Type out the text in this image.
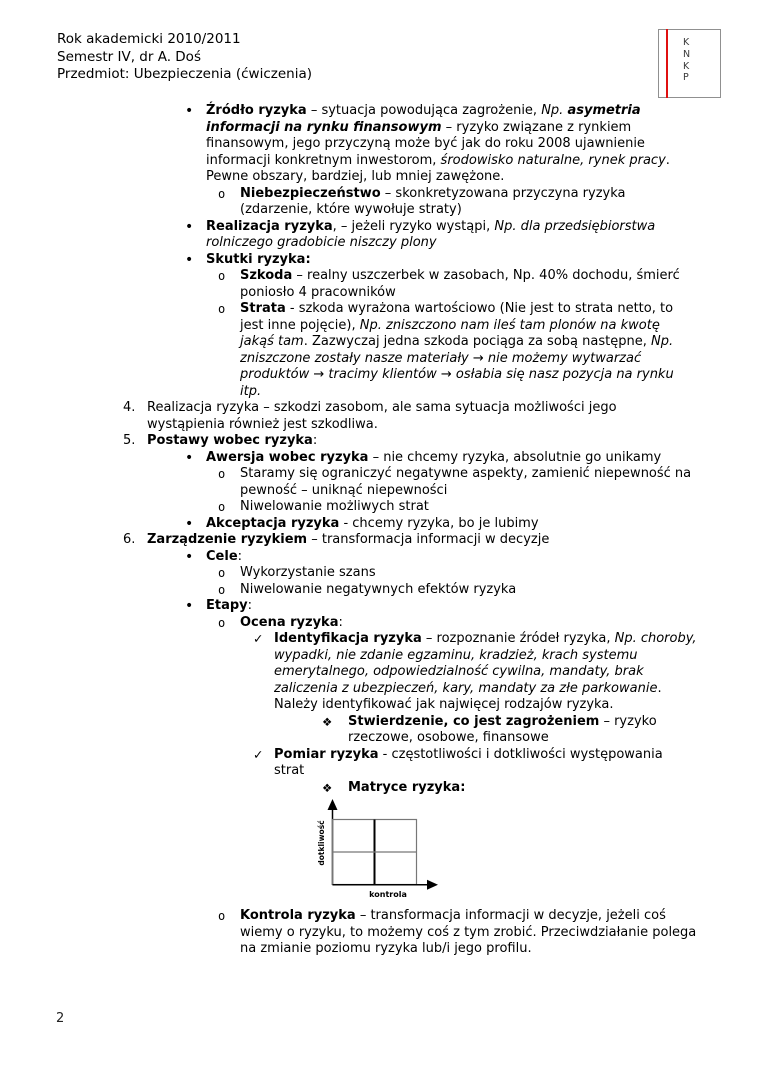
Rok akademicki 2010/2011
Semestr IV, dr A. Doś
Przedmiot: Ubezpieczenia (ćwiczenia)
K
N
K
P
• Źródło ryzyka – sytuacja powodująca zagrożenie, Np. asymetria informacji na rynku finansowym – ryzyko związane z rynkiem finansowym, jego przyczyną może być jak do roku 2008 ujawnienie informacji konkretnym inwestorom, środowisko naturalne, rynek pracy. Pewne obszary, bardziej, lub mniej zawężone.
o	Niebezpieczeństwo – skonkretyzowana przyczyna ryzyka (zdarzenie, które wywołuje straty)
• Realizacja ryzyka, – jeżeli ryzyko wystąpi, Np. dla przedsiębiorstwa rolniczego gradobicie niszczy plony
• Skutki ryzyka:
o	Szkoda – realny uszczerbek w zasobach, Np. 40% dochodu, śmierć poniosło 4 pracowników
o	Strata - szkoda wyrażona wartościowo (Nie jest to strata netto, to jest inne pojęcie), Np. zniszczono nam ileś tam plonów na kwotę jakąś tam. Zazwyczaj jedna szkoda pociąga za sobą następne, Np. zniszczone zostały nasze materiały → nie możemy wytwarzać produktów → tracimy klientów → osłabia się nasz pozycja na rynku itp.
4. Realizacja ryzyka – szkodzi zasobom, ale sama sytuacja możliwości jego wystąpienia również jest szkodliwa.
5. Postawy wobec ryzyka:
• Awersja wobec ryzyka – nie chcemy ryzyka, absolutnie go unikamy
o	Staramy się ograniczyć negatywne aspekty, zamienić niepewność na pewność – uniknąć niepewności
o	Niwelowanie możliwych strat
• Akceptacja ryzyka - chcemy ryzyka, bo je lubimy
6. Zarządzenie ryzykiem – transformacja informacji w decyzje
• Cele:
o	Wykorzystanie szans
o	Niwelowanie negatywnych efektów ryzyka
• Etapy:
o	Ocena ryzyka:
✓ Identyfikacja ryzyka – rozpoznanie źródeł ryzyka, Np. choroby, wypadki, nie zdanie egzaminu, kradzież, krach systemu emerytalnego, odpowiedzialność cywilna, mandaty, brak zaliczenia z ubezpieczeń, kary, mandaty za złe parkowanie. Należy identyfikować jak najwięcej rodzajów ryzyka.
❖	Stwierdzenie, co jest zagrożeniem – ryzyko rzeczowe, osobowe, finansowe
✓ Pomiar ryzyka - częstotliwości i dotkliwości występowania strat
❖	Matryce ryzyka:
dotkliwość
kontrola
o	Kontrola ryzyka – transformacja informacji w decyzje, jeżeli coś wiemy o ryzyku, to możemy coś z tym zrobić. Przeciwdziałanie polega na zmianie poziomu ryzyka lub/i jego profilu.
2
